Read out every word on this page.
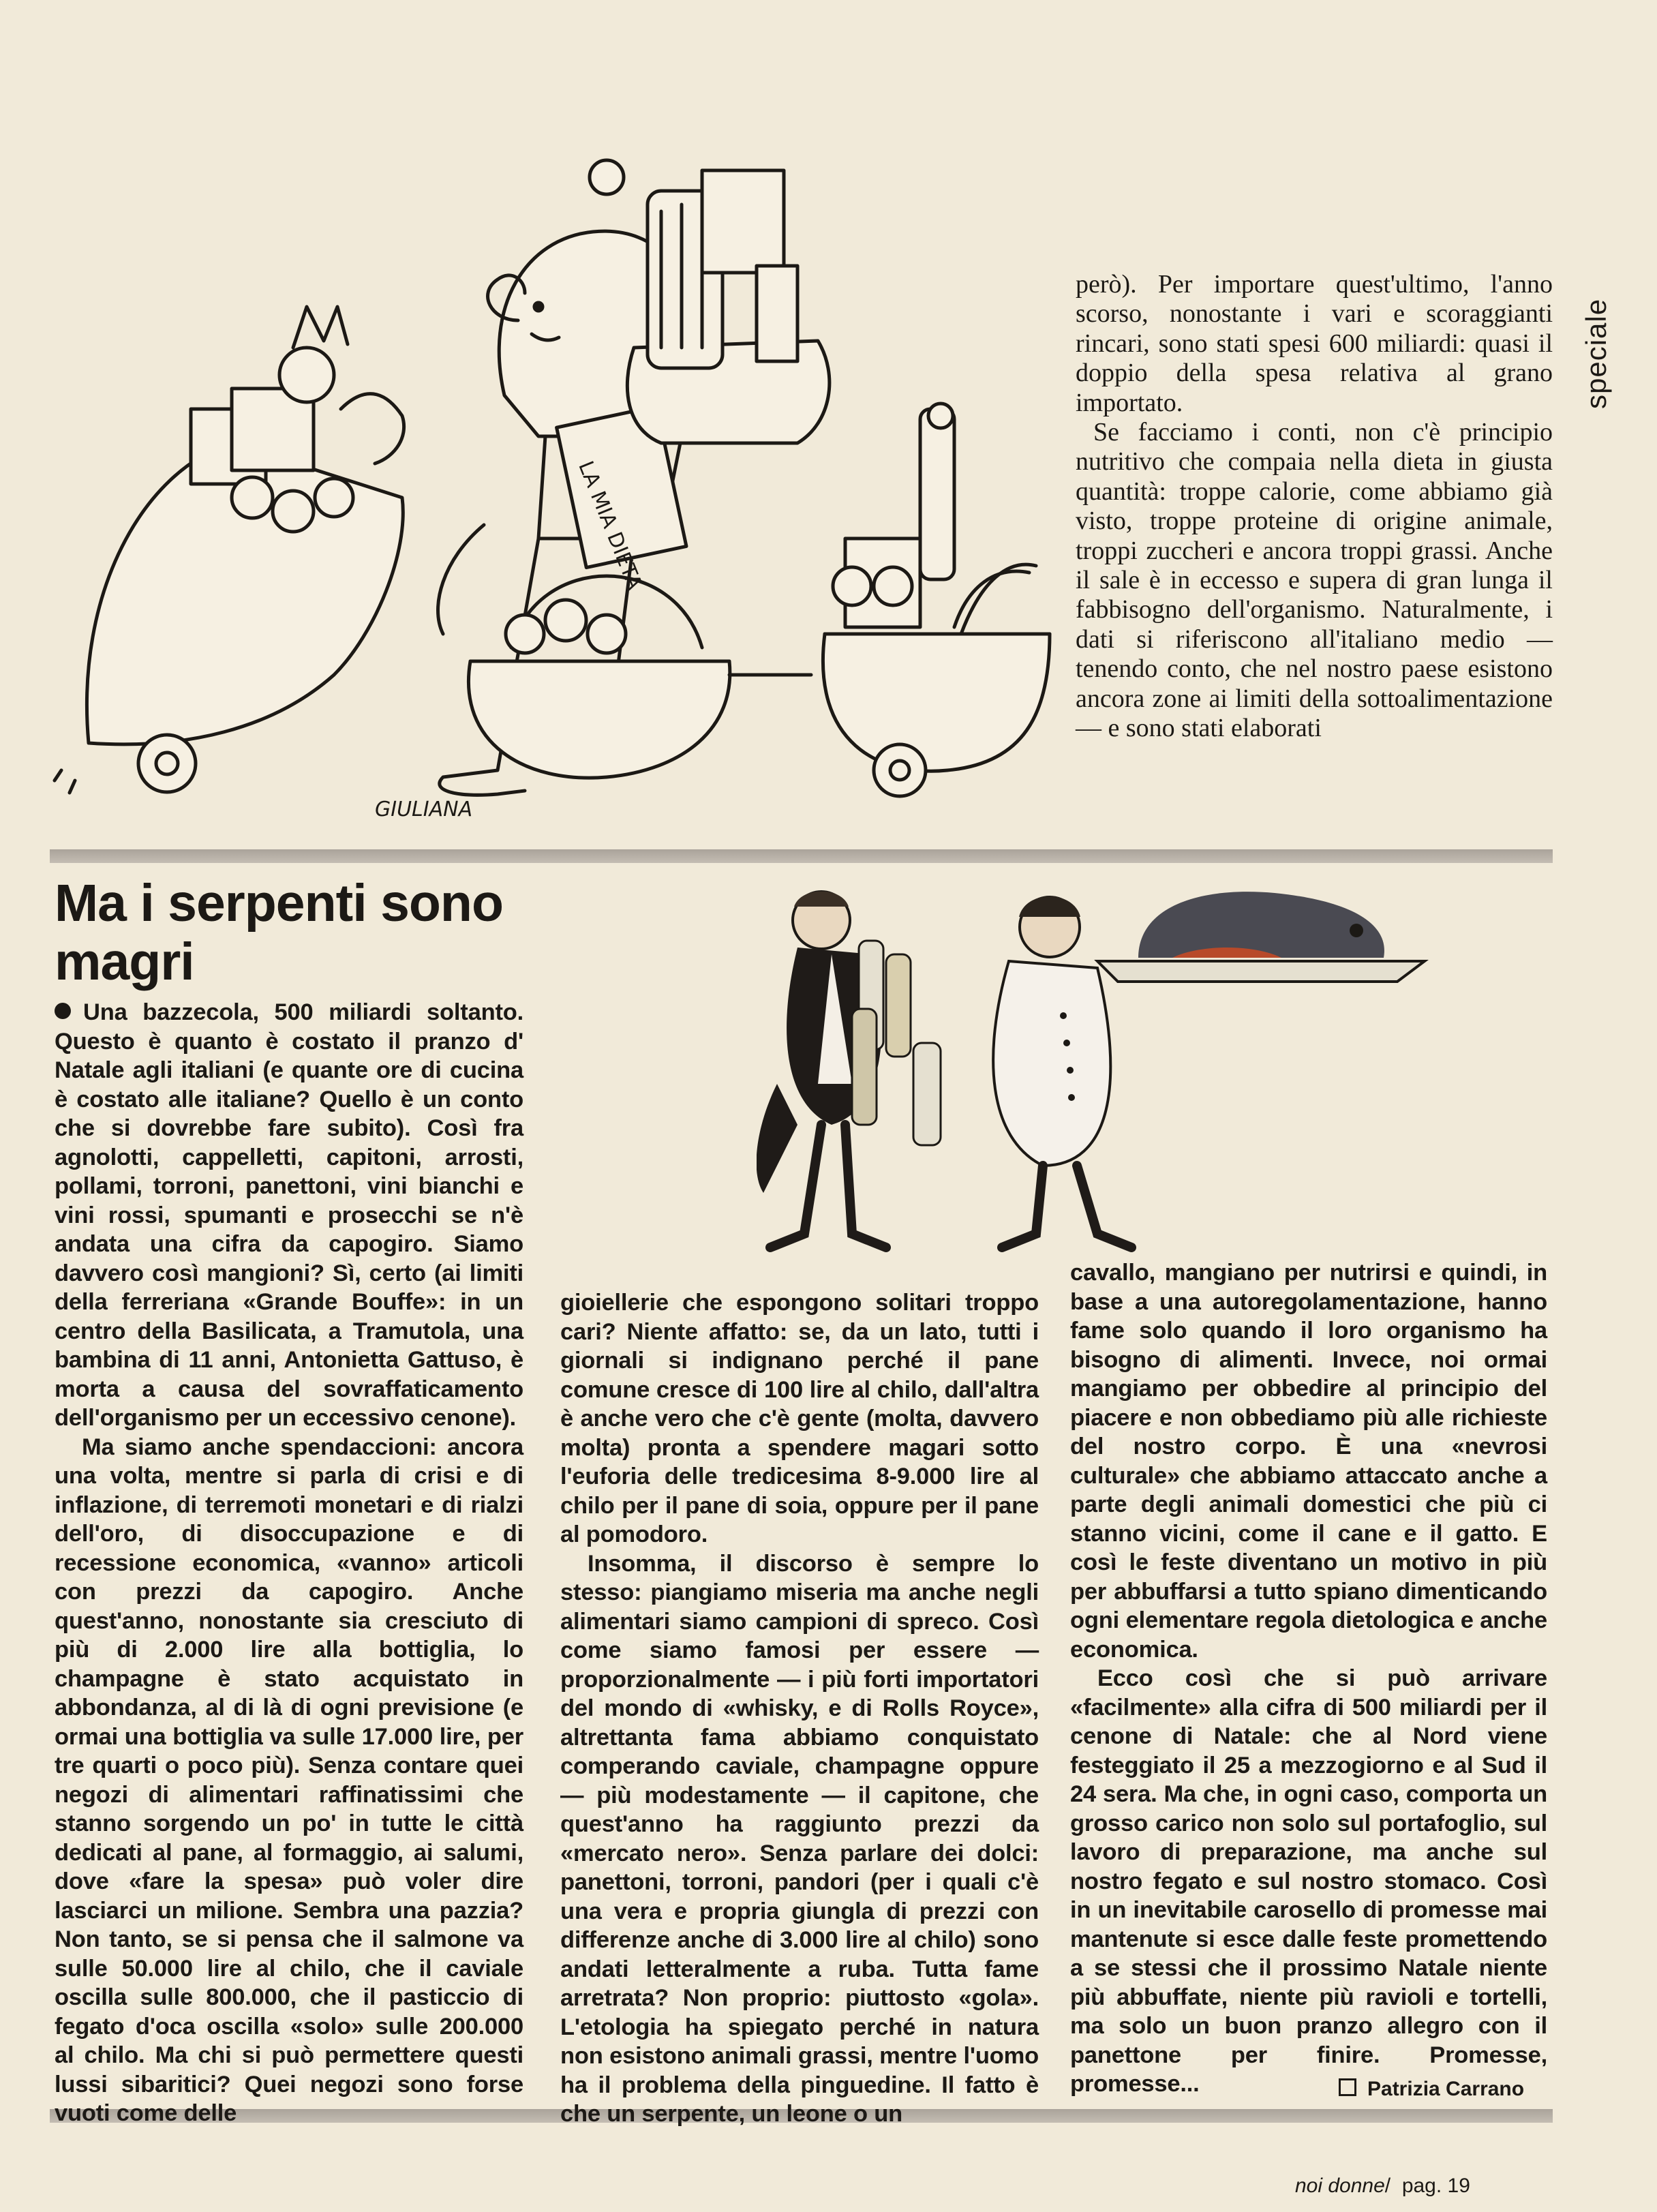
LA MIA DIETA
GIULIANA

però). Per importare quest'ultimo, l'anno scorso, nonostante i vari e scoraggianti rincari, sono stati spesi 600 miliardi: quasi il doppio della spesa relativa al grano importato.

Se facciamo i conti, non c'è principio nutritivo che compaia nella dieta in giusta quantità: troppe calorie, come abbiamo già visto, troppe proteine di origine animale, troppi zuccheri e ancora troppi grassi. Anche il sale è in eccesso e supera di gran lunga il fabbisogno dell'organismo. Naturalmente, i dati si riferiscono all'italiano medio — tenendo conto, che nel nostro paese esistono ancora zone ai limiti della sottoalimentazione — e sono stati elaborati

speciale
Ma i serpenti sono magri

Una bazzecola, 500 miliardi soltanto. Questo è quanto è costato il pranzo d' Natale agli italiani (e quante ore di cucina è costato alle italiane? Quello è un conto che si dovrebbe fare subito). Così fra agnolotti, cappelletti, capitoni, arrosti, pollami, torroni, panettoni, vini bianchi e vini rossi, spumanti e prosecchi se n'è andata una cifra da capogiro. Siamo davvero così mangioni? Sì, certo (ai limiti della ferreriana «Grande Bouffe»: in un centro della Basilicata, a Tramutola, una bambina di 11 anni, Antonietta Gattuso, è morta a causa del sovraffaticamento dell'organismo per un eccessivo cenone).

Ma siamo anche spendaccioni: ancora una volta, mentre si parla di crisi e di inflazione, di terremoti monetari e di rialzi dell'oro, di disoccupazione e di recessione economica, «vanno» articoli con prezzi da capogiro. Anche quest'anno, nonostante sia cresciuto di più di 2.000 lire alla bottiglia, lo champagne è stato acquistato in abbondanza, al di là di ogni previsione (e ormai una bottiglia va sulle 17.000 lire, per tre quarti o poco più). Senza contare quei negozi di alimentari raffinatissimi che stanno sorgendo un po' in tutte le città dedicati al pane, al formaggio, ai salumi, dove «fare la spesa» può voler dire lasciarci un milione. Sembra una pazzia? Non tanto, se si pensa che il salmone va sulle 50.000 lire al chilo, che il caviale oscilla sulle 800.000, che il pasticcio di fegato d'oca oscilla «solo» sulle 200.000 al chilo. Ma chi si può permettere questi lussi sibaritici? Quei negozi sono forse vuoti come delle

gioiellerie che espongono solitari troppo cari? Niente affatto: se, da un lato, tutti i giornali si indignano perché il pane comune cresce di 100 lire al chilo, dall'altra è anche vero che c'è gente (molta, davvero molta) pronta a spendere magari sotto l'euforia delle tredicesima 8-9.000 lire al chilo per il pane di soia, oppure per il pane al pomodoro.

Insomma, il discorso è sempre lo stesso: piangiamo miseria ma anche negli alimentari siamo campioni di spreco. Così come siamo famosi per essere — proporzionalmente — i più forti importatori del mondo di «whisky, e di Rolls Royce», altrettanta fama abbiamo conquistato comperando caviale, champagne oppure — più modestamente — il capitone, che quest'anno ha raggiunto prezzi da «mercato nero». Senza parlare dei dolci: panettoni, torroni, pandori (per i quali c'è una vera e propria giungla di prezzi con differenze anche di 3.000 lire al chilo) sono andati letteralmente a ruba. Tutta fame arretrata? Non proprio: piuttosto «gola». L'etologia ha spiegato perché in natura non esistono animali grassi, mentre l'uomo ha il problema della pinguedine. Il fatto è che un serpente, un leone o un

cavallo, mangiano per nutrirsi e quindi, in base a una autoregolamentazione, hanno fame solo quando il loro organismo ha bisogno di alimenti. Invece, noi ormai mangiamo per obbedire al principio del piacere e non obbediamo più alle richieste del nostro corpo. È una «nevrosi culturale» che abbiamo attaccato anche a parte degli animali domestici che più ci stanno vicini, come il cane e il gatto. E così le feste diventano un motivo in più per abbuffarsi a tutto spiano dimenticando ogni elementare regola dietologica e anche economica.

Ecco così che si può arrivare «facilmente» alla cifra di 500 miliardi per il cenone di Natale: che al Nord viene festeggiato il 25 a mezzogiorno e al Sud il 24 sera. Ma che, in ogni caso, comporta un grosso carico non solo sul portafoglio, sul lavoro di preparazione, ma anche sul nostro fegato e sul nostro stomaco. Così in un inevitabile carosello di promesse mai mantenute si esce dalle feste promettendo a se stessi che il prossimo Natale niente più abbuffate, niente più ravioli e tortelli, ma solo un buon pranzo allegro con il panettone per finire. Promesse, promesse...	Patrizia Carrano
noi donne/ pag. 19
